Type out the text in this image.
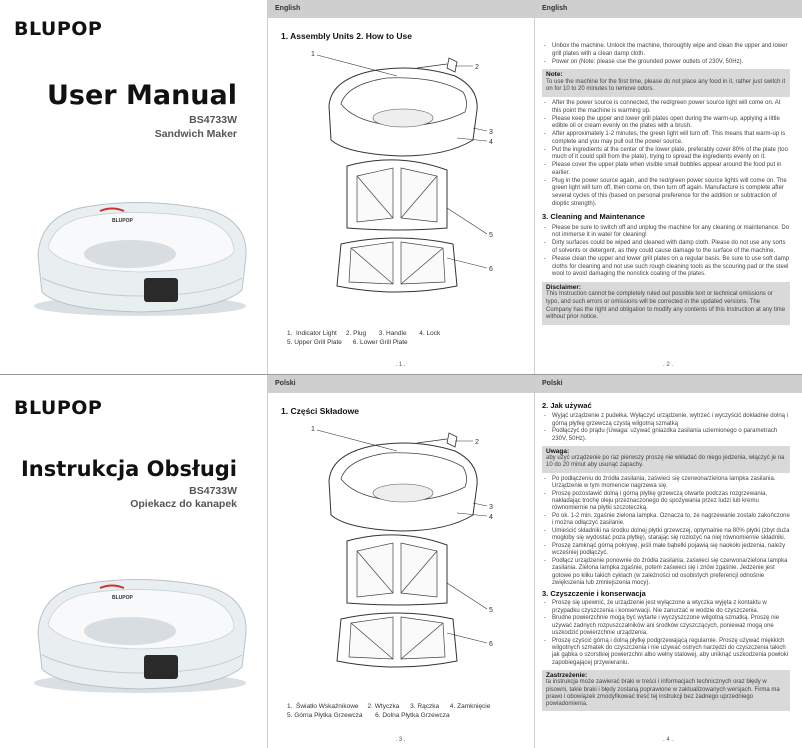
BLUPOP
User Manual
BS4733W
Sandwich Maker
BLUPOP
English
1. Assembly Units 2. How to Use
1
2
3
4
5
6
1.  Indicator Light     2. Plug       3. Handle       4. Lock
5. Upper Grill Plate      6. Lower Grill Plate
. 1 .
English
- Unbox the machine. Unlock the machine, thoroughly wipe and clean the upper and lower grill plates with a clean damp cloth.
- Power on (Note: please use the grounded power outlets of 230V, 50Hz).
Note:
To use the machine for the first time, please do not place any food in it, rather just switch it on for 10 to 20 minutes to remove odors.
- After the power source is connected, the red/green power source light will come on. At this point the machine is warming up.
- Please keep the upper and lower grill plates open during the warm-up, applying a little edible oil or cream evenly on the plates with a brush.
- After approximately 1-2 minutes, the green light will turn off. This means that warm-up is complete and you may pull out the power source.
- Put the ingredients at the center of the lower plate, preferably cover 80% of the plate (too much of it could spill from the plate), trying to spread the ingredients evenly on it.
- Please cover the upper plate when visible small bubbles appear around the food put in earlier.
- Plug in the power source again, and the red/green power source lights will come on. The green light will turn off, then come on, then turn off again. Manufacture is complete after several cycles of this (based on personal preference for the addition or subtraction of dioptic strength).
3. Cleaning and Maintenance
- Please be sure to switch off and unplug the machine for any cleaning or maintenance. Do not immerse it in water for cleaning!
- Dirty surfaces could be wiped and cleaned with damp cloth. Please do not use any sorts of solvents or detergent, as they could cause damage to the surface of the machine.
- Please clean the upper and lower grill plates on a regular basis. Be sure to use soft damp cloths for cleaning and not use such rough cleaning tools as the scouring pad or the steel wool to avoid damaging the nonstick coating of the plates.
Disclaimer:
This Instruction cannot be completely ruled out possible text or technical omissions or typo, and such errors or omissions will be corrected in the updated versions. The Company has the right and obligation to modify any contents of this Instruction at any time without prior notice.
. 2 .
BLUPOP
Instrukcja Obsługi
BS4733W
Opiekacz do kanapek
BLUPOP
Polski
1. Części Składowe
1
2
3
4
5
6
1.  Światło Wskaźnikowe     2. Wtyczka      3. Rączka      4. Zamknięcie
5. Górna Płytka Grzewcza       6. Dolna Płytka Grzewcza
. 3 .
Polski
2. Jak używać
- Wyjąć urządzenie z pudełka. Wyłączyć urządzenie, wytrzeć i wyczyścić dokładnie dolną i górną płytkę grzewczą czystą wilgotną szmatką
- Podłączyć do prądu (Uwaga: używać gniazdka zasilania uziemionego o parametrach 230V, 50Hz).
Uwaga:
aby użyć urządzenie po raz pierwszy proszę nie wkładać do niego jedzenia, włączyć je na 10 do 20 minut aby usunąć zapachy.
- Po podłączeniu do źródła zasilania, zaświeci się czerwona/zielona lampka zasilania. Urządzenie w tym momencie nagrzewa się.
- Proszę pozostawić dolną i górną płytkę grzewczą otwarte podczas rozgrzewania, nakładając trochę oleju przeznaczonego do spożywania przez ludzi lub kremu równomiernie na płytki szczoteczką.
- Po ok. 1-2 min. zgaśnie zielona lampka. Oznacza to, że nagrzewanie zostało zakończone i można odłączyć zasilanie.
- Umieścić składniki na środku dolnej płytki grzewczej, optymalnie na 80% płytki (zbyt duża mogłoby się wydostać poza płytkę), starając się rozłożyć na niej równomiernie składniki.
- Proszę zamknąć górną pokrywę, jeśli małe bąbelki pojawią się naokoło jedzenia, należy wcześniej podłączyć.
- Podłącz urządzenie ponownie do źródła zasilania, zaświeci się czerwona/zielona lampka zasilania. Zielona lampka zgaśnie, potem zaświeci się i znów zgaśnie. Jedzenie jest gotowe po kilku takich cyklach (w zależności od osobistych preferencji odnośnie zwiększenia lub zmniejszenia mocy).
3. Czyszczenie i konserwacja
- Proszę się upewnić, że urządzenie jest wyłączone a wtyczka wyjęta z kontaktu w przypadku czyszczenia i konserwacji. Nie zanurzać w wodzie do czyszczenia.
- Brudne powierzchnie mogą być wytarte i wyczyszczone wilgotną szmatką. Proszę nie używać żadnych rozpuszczalników ani środków czyszczących, ponieważ mogą one uszkodzić powierzchnie urządzenia.
- Proszę czyścić górną i dolną płytkę podgrzewającą regularnie. Proszę używać miękkich wilgotnych szmatek do czyszczenia i nie używać ostrych narzędzi do czyszczenia takich jak gąbka o szorstkiej powierzchni albo wełny stalowej, aby uniknąć uszkodzenia powłoki zapobiegającej przywieraniu.
Zastrzeżenie:
ta instrukcja może zawierać braki w treści i informacjach technicznych oraz błędy w pisowni, takie braki i błędy zostaną poprawione w zaktualizowanych wersjach. Firma ma prawo i obowiązek zmodyfikować treść tej instrukcji bez żadnego uprzedniego powiadomienia.
. 4 .
